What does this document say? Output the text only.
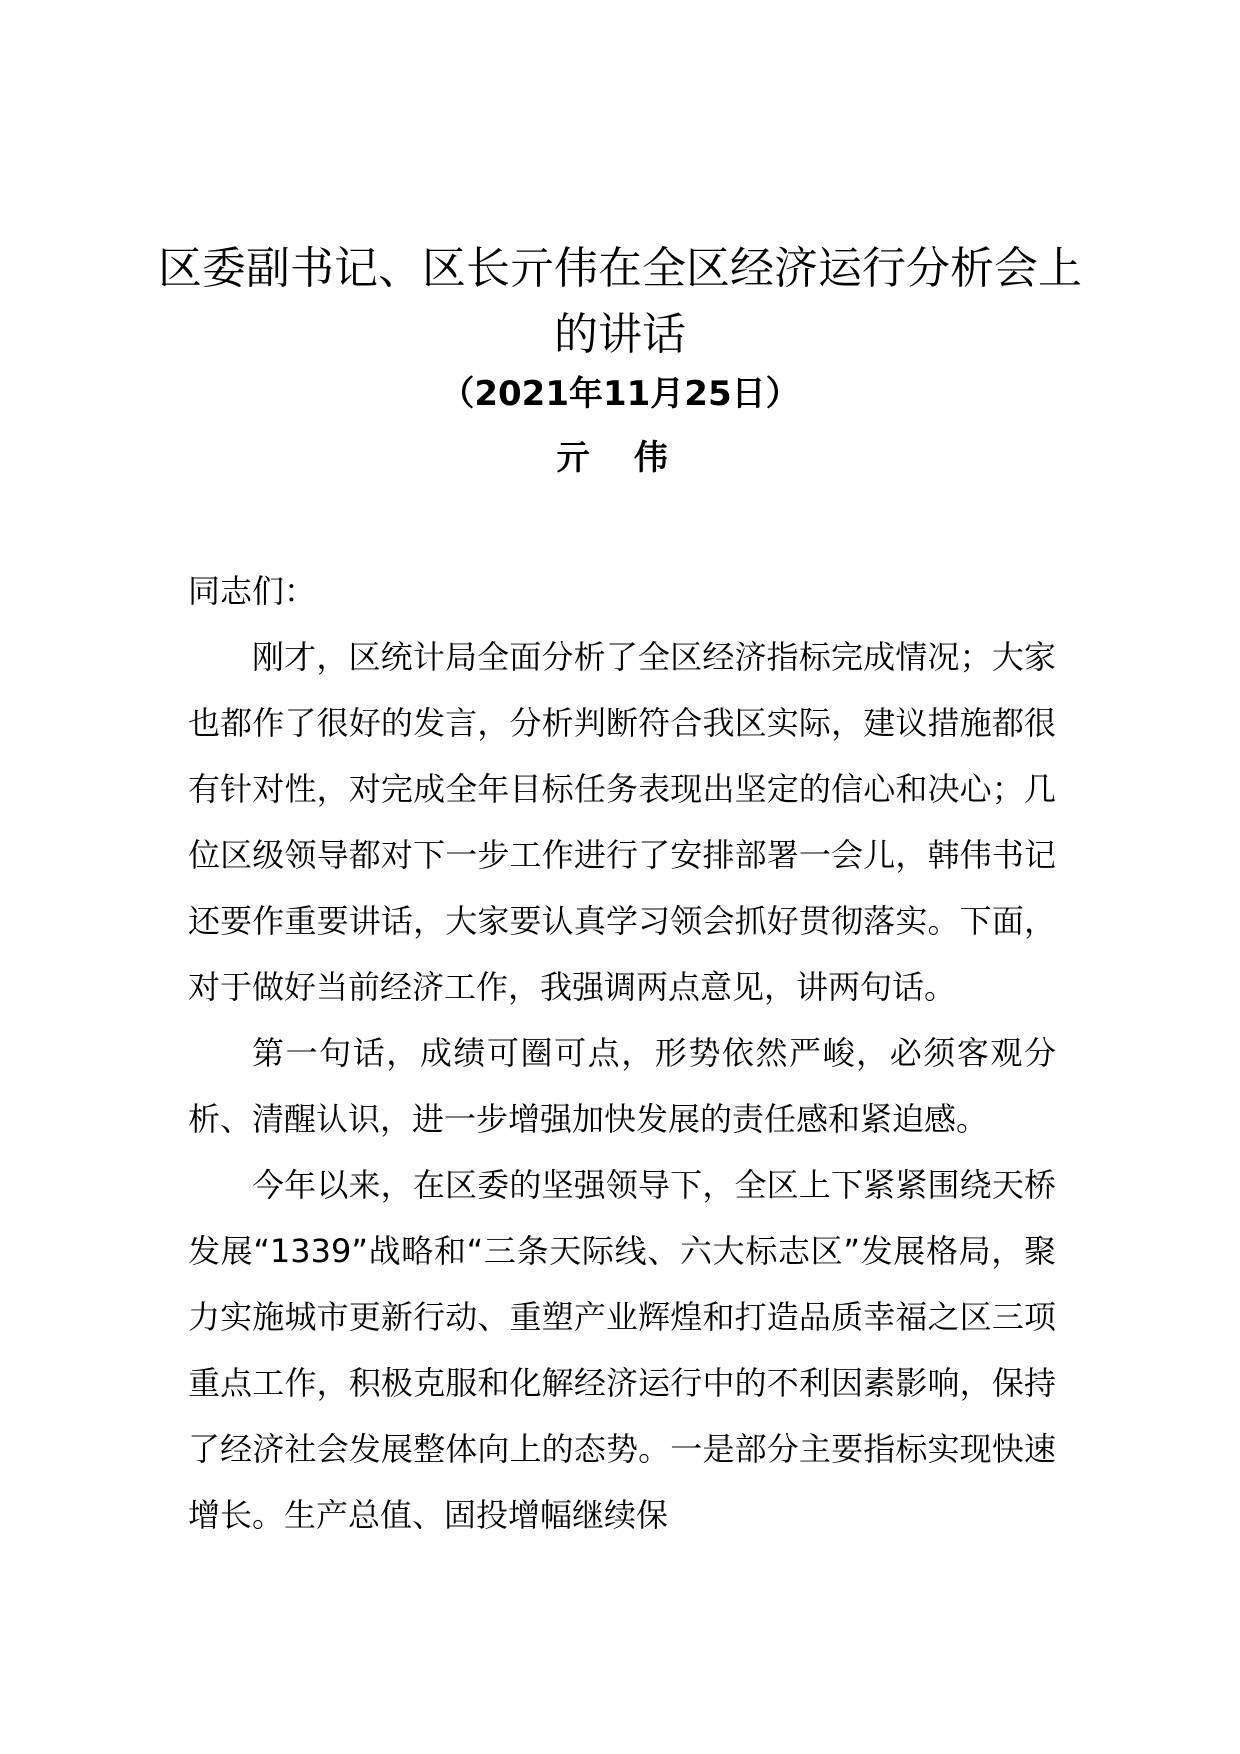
区委副书记、区长亓伟在全区经济运行分析会上的讲话
（2021年11月25日）
亓 伟

同志们：

刚才，区统计局全面分析了全区经济指标完成情况；大家也都作了很好的发言，分析判断符合我区实际，建议措施都很有针对性，对完成全年目标任务表现出坚定的信心和决心；几位区级领导都对下一步工作进行了安排部署一会儿，韩伟书记还要作重要讲话，大家要认真学习领会抓好贯彻落实。下面，对于做好当前经济工作，我强调两点意见，讲两句话。

第一句话，成绩可圈可点，形势依然严峻，必须客观分析、清醒认识，进一步增强加快发展的责任感和紧迫感。

今年以来，在区委的坚强领导下，全区上下紧紧围绕天桥发展“1339”战略和“三条天际线、六大标志区”发展格局，聚力实施城市更新行动、重塑产业辉煌和打造品质幸福之区三项重点工作，积极克服和化解经济运行中的不利因素影响，保持了经济社会发展整体向上的态势。一是部分主要指标实现快速增长。生产总值、固投增幅继续保
